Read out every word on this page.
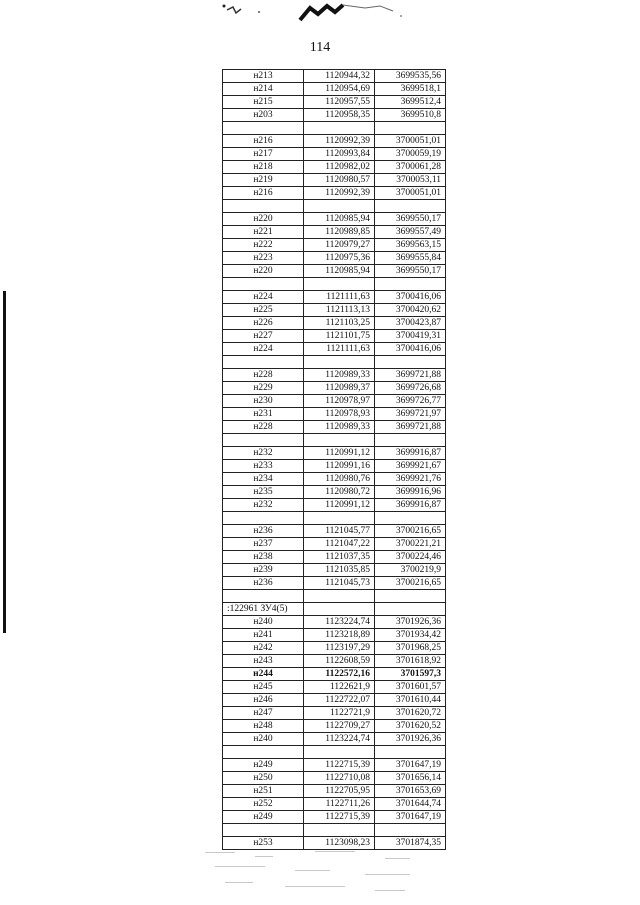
114
н213	1120944,32	3699535,56
н214	1120954,69	3699518,1
н215	1120957,55	3699512,4
н203	1120958,35	3699510,8

н216	1120992,39	3700051,01
н217	1120993,84	3700059,19
н218	1120982,02	3700061,28
н219	1120980,57	3700053,11
н216	1120992,39	3700051,01

н220	1120985,94	3699550,17
н221	1120989,85	3699557,49
н222	1120979,27	3699563,15
н223	1120975,36	3699555,84
н220	1120985,94	3699550,17

н224	1121111,63	3700416,06
н225	1121113,13	3700420,62
н226	1121103,25	3700423,87
н227	1121101,75	3700419,31
н224	1121111,63	3700416,06

н228	1120989,33	3699721,88
н229	1120989,37	3699726,68
н230	1120978,97	3699726,77
н231	1120978,93	3699721,97
н228	1120989,33	3699721,88

н232	1120991,12	3699916,87
н233	1120991,16	3699921,67
н234	1120980,76	3699921,76
н235	1120980,72	3699916,96
н232	1120991,12	3699916,87

н236	1121045,77	3700216,65
н237	1121047,22	3700221,21
н238	1121037,35	3700224,46
н239	1121035,85	3700219,9
н236	1121045,73	3700216,65

:122961 ЗУ4(5)		
н240	1123224,74	3701926,36
н241	1123218,89	3701934,42
н242	1123197,29	3701968,25
н243	1122608,59	3701618,92
н244	1122572,16	3701597,3
н245	1122621,9	3701601,57
н246	1122722,07	3701610,44
н247	1122721,9	3701620,72
н248	1122709,27	3701620,52
н240	1123224,74	3701926,36

н249	1122715,39	3701647,19
н250	1122710,08	3701656,14
н251	1122705,95	3701653,69
н252	1122711,26	3701644,74
н249	1122715,39	3701647,19

н253	1123098,23	3701874,35
